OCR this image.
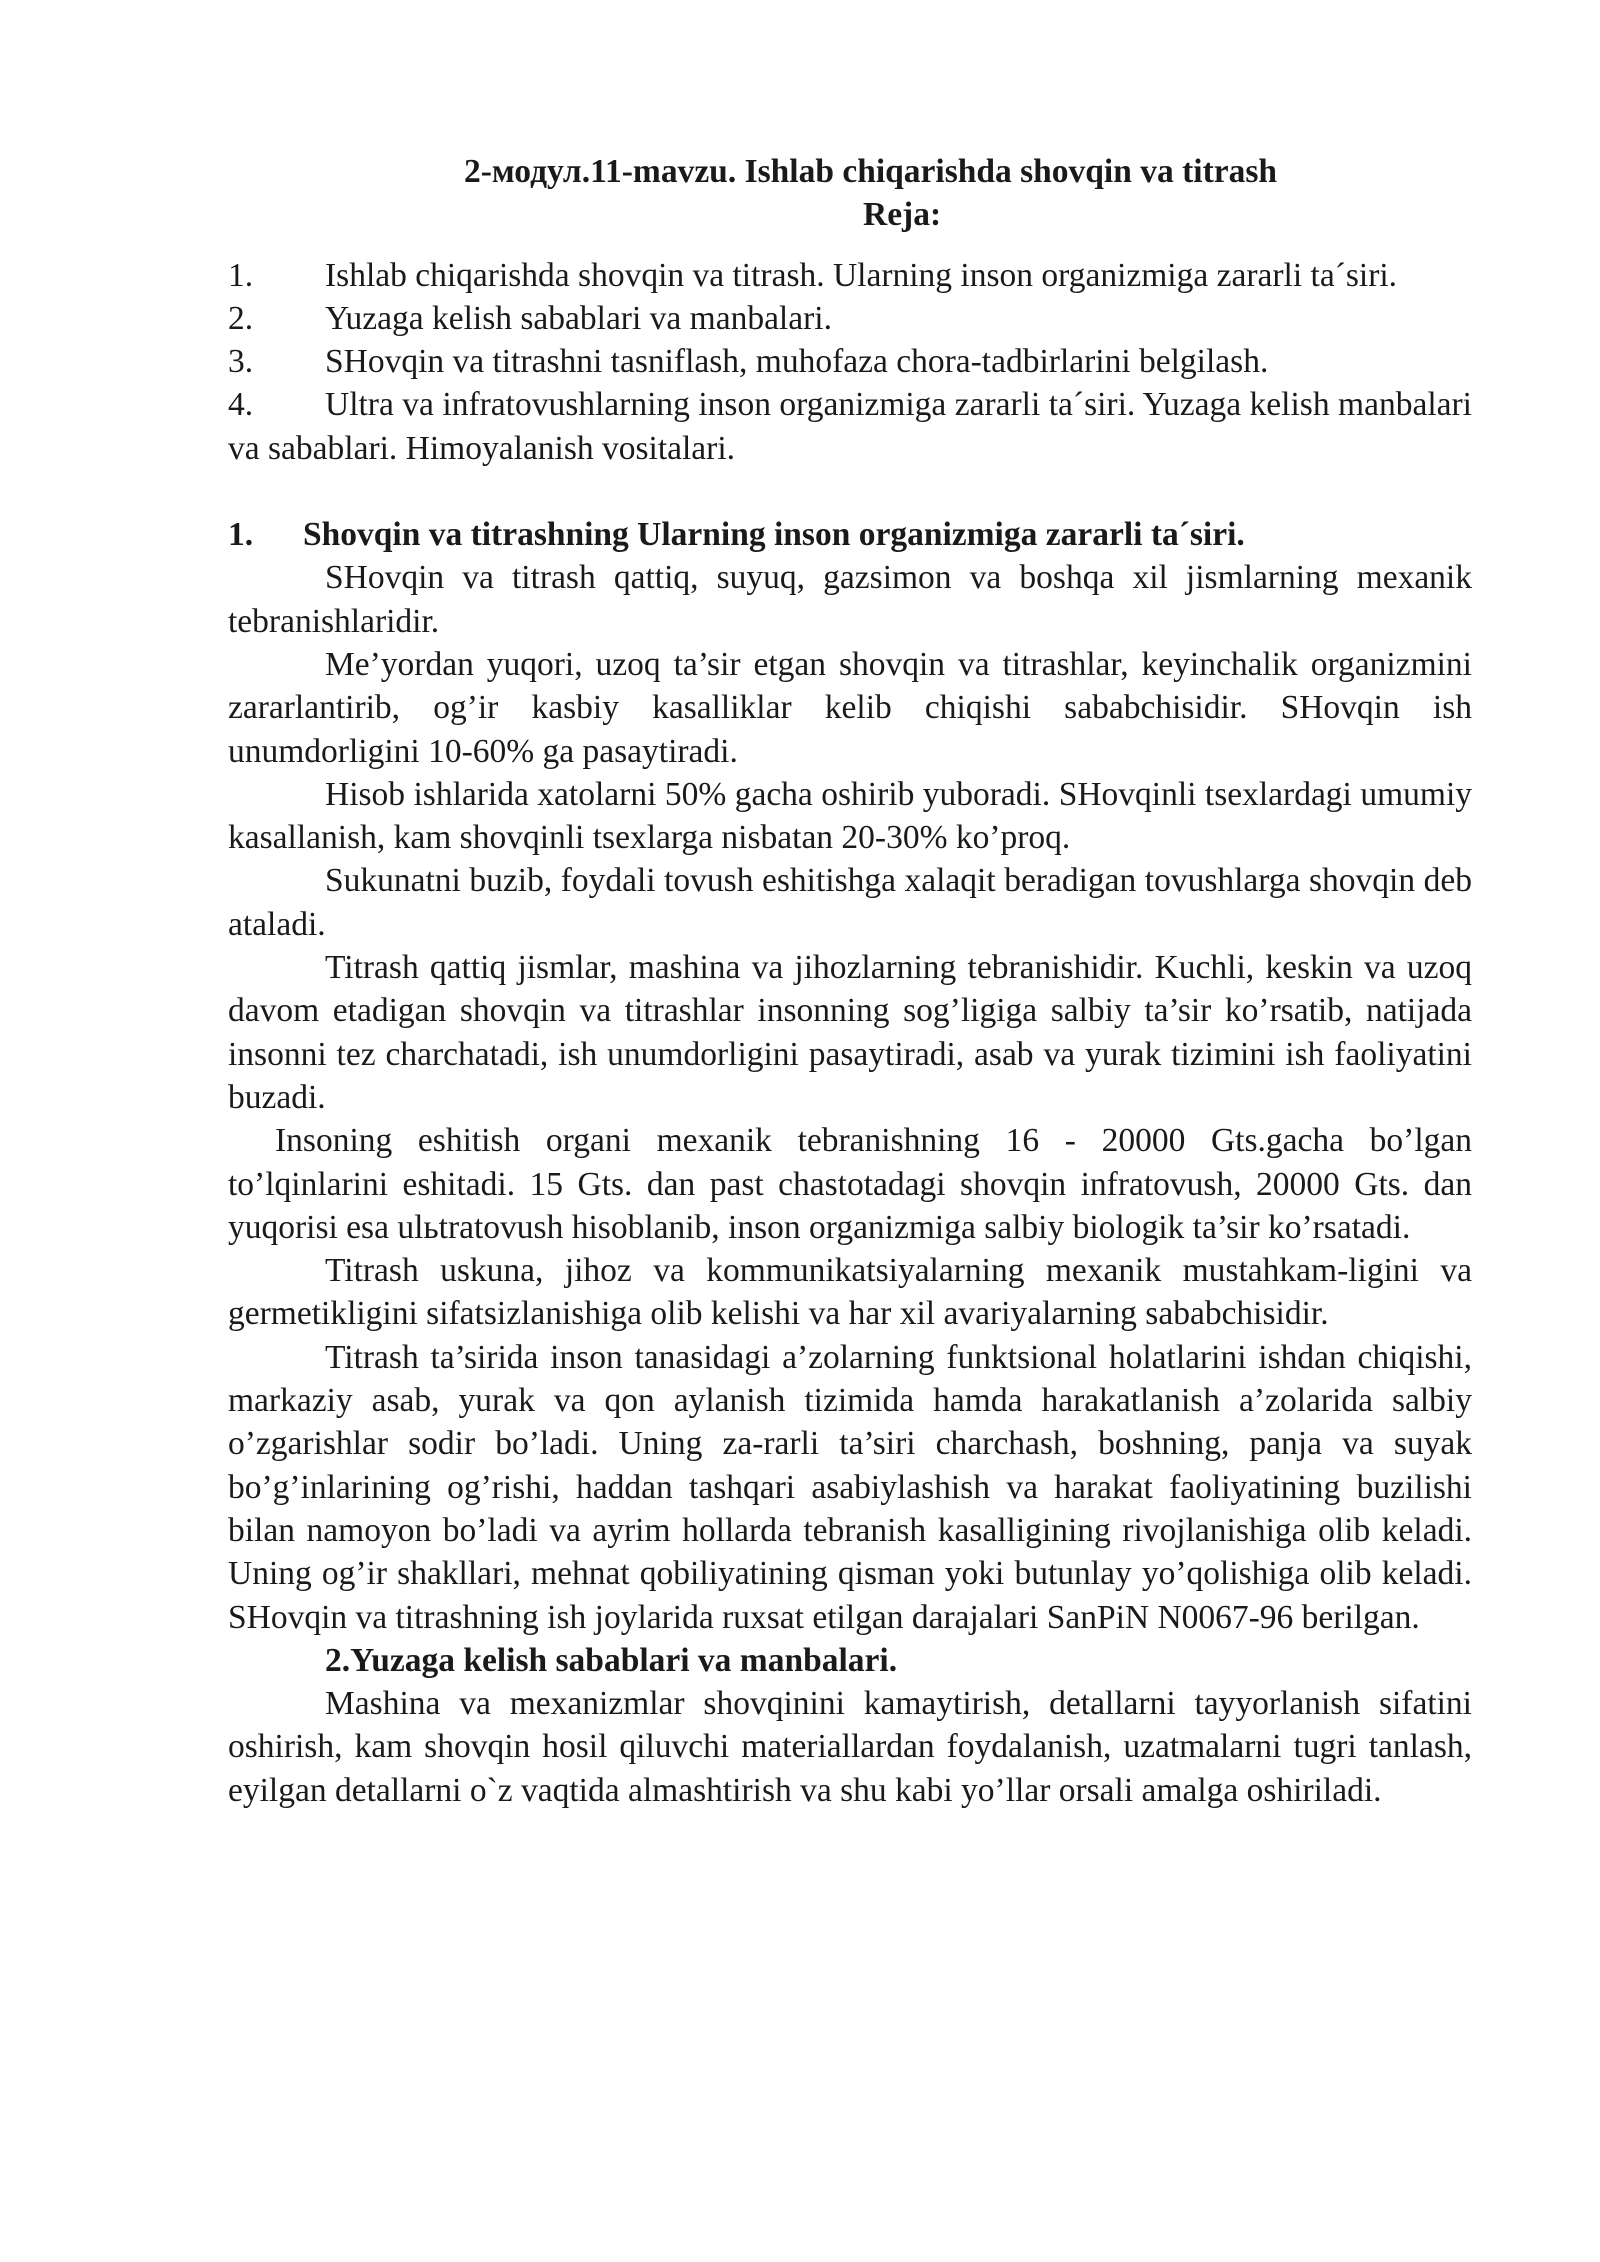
2-модул.11-mavzu. Ishlab chiqarishda shovqin va titrash

Reja:

1. Ishlab chiqarishda shovqin va titrash. Ularning inson organizmiga zararli ta´siri.

2. Yuzaga kelish sabablari va manbalari.

3. SHovqin va titrashni tasniflash, muhofaza chora-tadbirlarini belgilash.

4. Ultra va infratovushlarning inson organizmiga zararli ta´siri. Yuzaga kelish manbalari va sabablari. Himoyalanish vositalari.

1. Shovqin va titrashning Ularning inson organizmiga zararli ta´siri.

SHovqin va titrash qattiq, suyuq, gazsimon va boshqa xil jismlarning mexanik tebranishlaridir.

Me’yordan yuqori, uzoq ta’sir etgan shovqin va titrashlar, keyinchalik organizmini zararlantirib, og’ir kasbiy kasalliklar kelib chiqishi sababchisidir. SHovqin ish unumdorligini 10-60% ga pasaytiradi.

Hisob ishlarida xatolarni 50% gacha oshirib yuboradi. SHovqinli tsexlardagi umumiy kasallanish, kam shovqinli tsexlarga nisbatan 20-30% ko’proq.

Sukunatni buzib, foydali tovush eshitishga xalaqit beradigan tovushlarga shovqin deb ataladi.

Titrash qattiq jismlar, mashina va jihozlarning tebranishidir. Kuchli, keskin va uzoq davom etadigan shovqin va titrashlar insonning sog’ligiga salbiy ta’sir ko’rsatib, natijada insonni tez charchatadi, ish unumdorligini pasaytiradi, asab va yurak tizimini ish faoliyatini buzadi.

Insoning eshitish organi mexanik tebranishning 16 - 20000 Gts.gacha bo’lgan to’lqinlarini eshitadi. 15 Gts. dan past chastotadagi shovqin infratovush, 20000 Gts. dan yuqorisi esa ulьtratovush hisoblanib, inson organizmiga salbiy biologik ta’sir ko’rsatadi.

Titrash uskuna, jihoz va kommunikatsiyalarning mexanik mustahkam-ligini va germetikligini sifatsizlanishiga olib kelishi va har xil avariyalarning sababchisidir.

Titrash ta’sirida inson tanasidagi a’zolarning funktsional holatlarini ishdan chiqishi, markaziy asab, yurak va qon aylanish tizimida hamda harakatlanish a’zolarida salbiy o’zgarishlar sodir bo’ladi. Uning za-rarli ta’siri charchash, boshning, panja va suyak bo’g’inlarining og’rishi, haddan tashqari asabiylashish va harakat faoliyatining buzilishi bilan namoyon bo’ladi va ayrim hollarda tebranish kasalligining rivojlanishiga olib keladi. Uning og’ir shakllari, mehnat qobiliyatining qisman yoki butunlay yo’qolishiga olib keladi. SHovqin va titrashning ish joylarida ruxsat etilgan darajalari SanPiN N0067-96 berilgan.

2.Yuzaga kelish sabablari va manbalari.

Mashina va mexanizmlar shovqinini kamaytirish, detallarni tayyorlanish sifatini oshirish, kam shovqin hosil qiluvchi materiallardan foydalanish, uzatmalarni tugri tanlash, eyilgan detallarni o`z vaqtida almashtirish va shu kabi yo’llar orsali amalga oshiriladi.
